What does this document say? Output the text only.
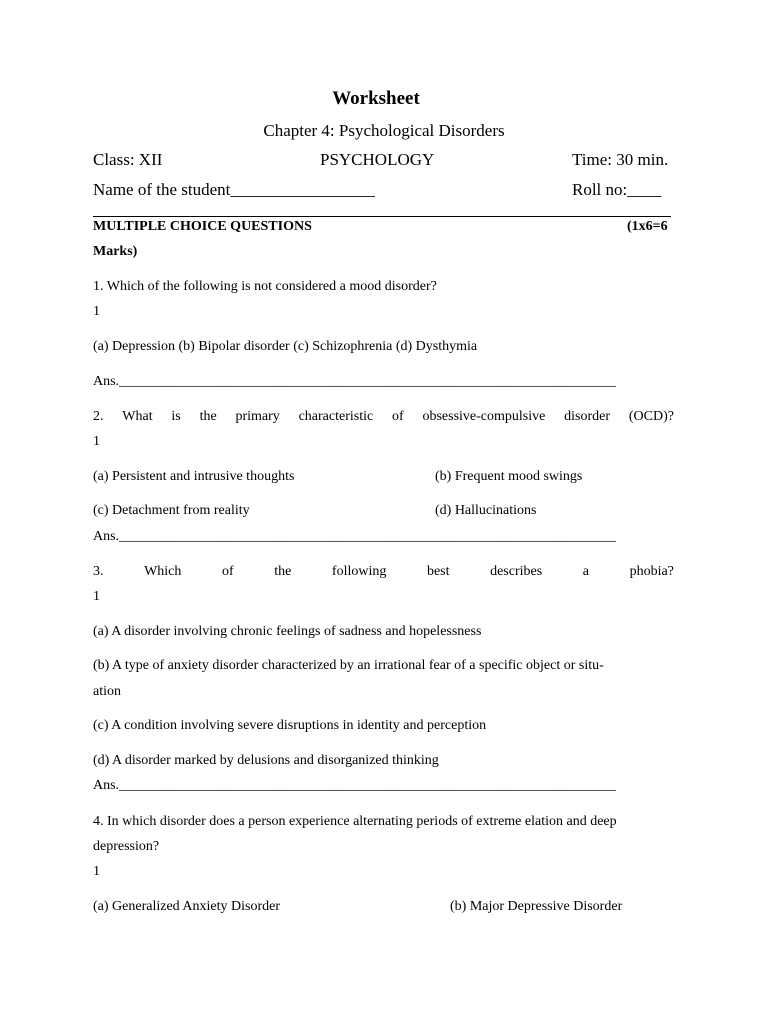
Worksheet
Chapter 4: Psychological Disorders
Class: XII	PSYCHOLOGY	Time: 30 min.
Name of the student_________________	Roll no:____
MULTIPLE CHOICE QUESTIONS	(1x6=6
Marks)
1. Which of the following is not considered a mood disorder?
1
(a) Depression (b) Bipolar disorder (c) Schizophrenia (d) Dysthymia
Ans._______________________________________________________________________
2. What is the primary characteristic of obsessive-compulsive disorder (OCD)?
1
(a) Persistent and intrusive thoughts	(b) Frequent mood swings
(c) Detachment from reality	(d) Hallucinations
Ans._______________________________________________________________________
3.	Which	of	the	following	best	describes	a	phobia?
1
(a) A disorder involving chronic feelings of sadness and hopelessness
(b) A type of anxiety disorder characterized by an irrational fear of a specific object or situ-
ation
(c) A condition involving severe disruptions in identity and perception
(d) A disorder marked by delusions and disorganized thinking
Ans._______________________________________________________________________
4. In which disorder does a person experience alternating periods of extreme elation and deep
depression?
1
(a) Generalized Anxiety Disorder	(b) Major Depressive Disorder
